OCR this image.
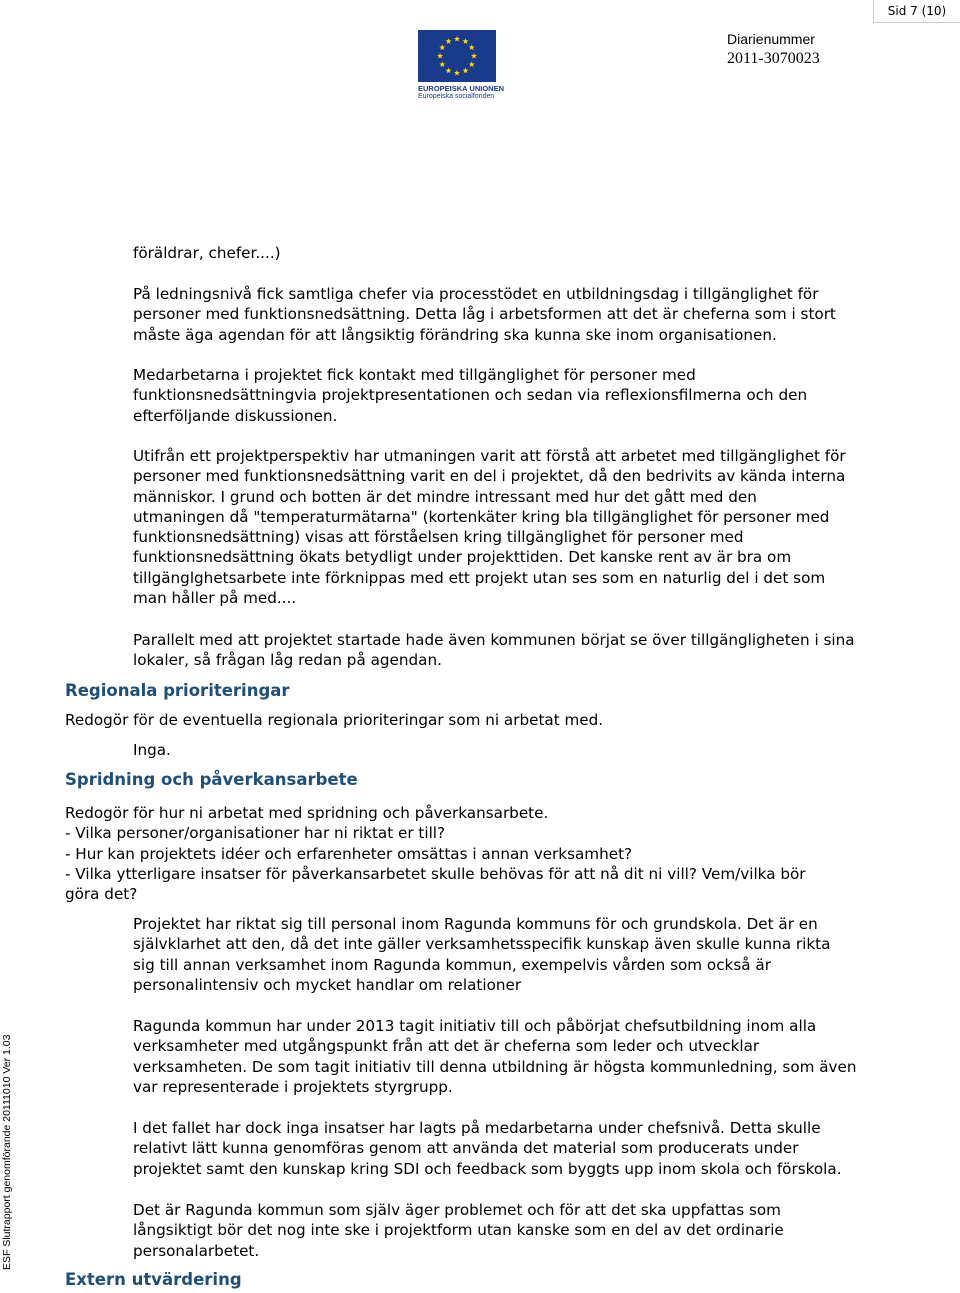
Sid 7 (10)
EUROPEISKA UNIONEN
Europeiska socialfonden
Diarienummer
2011-3070023
ESF Slutrapport genomförande 20111010 Ver 1.03

föräldrar, chefer....)

På ledningsnivå fick samtliga chefer via processtödet en utbildningsdag i tillgänglighet för

personer med funktionsnedsättning. Detta låg i arbetsformen att det är cheferna som i stort

måste äga agendan för att långsiktig förändring ska kunna ske inom organisationen.

Medarbetarna i projektet fick kontakt med tillgänglighet för personer med

funktionsnedsättningvia projektpresentationen och sedan via reflexionsfilmerna och den

efterföljande diskussionen.

Utifrån ett projektperspektiv har utmaningen varit att förstå att arbetet med tillgänglighet för

personer med funktionsnedsättning varit en del i projektet, då den bedrivits av kända interna

människor. I grund och botten är det mindre intressant med hur det gått med den

utmaningen då "temperaturmätarna" (kortenkäter kring bla tillgänglighet för personer med

funktionsnedsättning) visas att förståelsen kring tillgänglighet för personer med

funktionsnedsättning ökats betydligt under projekttiden. Det kanske rent av är bra om

tillgänglghetsarbete inte förknippas med ett projekt utan ses som en naturlig del i det som

man håller på med....

Parallelt med att projektet startade hade även kommunen börjat se över tillgängligheten i sina

lokaler, så frågan låg redan på agendan.

Regionala prioriteringar

Redogör för de eventuella regionala prioriteringar som ni arbetat med.

Inga.

Spridning och påverkansarbete

Redogör för hur ni arbetat med spridning och påverkansarbete.

- Vilka personer/organisationer har ni riktat er till?

- Hur kan projektets idéer och erfarenheter omsättas i annan verksamhet?

- Vilka ytterligare insatser för påverkansarbetet skulle behövas för att nå dit ni vill? Vem/vilka bör

göra det?

Projektet har riktat sig till personal inom Ragunda kommuns för och grundskola. Det är en

självklarhet att den, då det inte gäller verksamhetsspecifik kunskap även skulle kunna rikta

sig till annan verksamhet inom Ragunda kommun, exempelvis vården som också är

personalintensiv och mycket handlar om relationer

Ragunda kommun har under 2013 tagit initiativ till och påbörjat chefsutbildning inom alla

verksamheter med utgångspunkt från att det är cheferna som leder och utvecklar

verksamheten. De som tagit initiativ till denna utbildning är högsta kommunledning, som även

var representerade i projektets styrgrupp.

I det fallet har dock inga insatser har lagts på medarbetarna under chefsnivå. Detta skulle

relativt lätt kunna genomföras genom att använda det material som producerats under

projektet samt den kunskap kring SDI och feedback som byggts upp inom skola och förskola.

Det är Ragunda kommun som själv äger problemet och för att det ska uppfattas som

långsiktigt bör det nog inte ske i projektform utan kanske som en del av det ordinarie

personalarbetet.

Extern utvärdering
